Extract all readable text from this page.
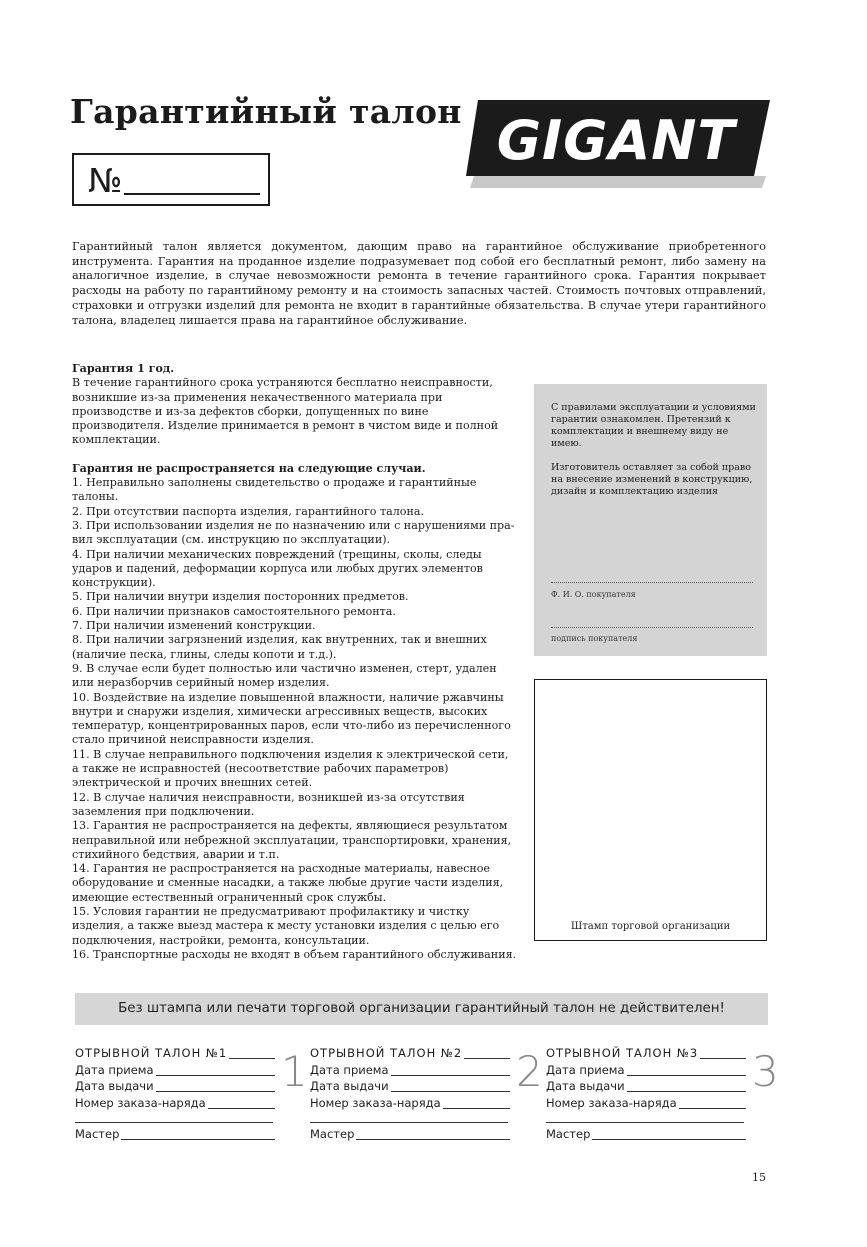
Гарантийный талон
№
GIGANT
Гарантийный талон является документом, дающим право на гарантийное обслуживание приобретенного инструмента. Гарантия на проданное изделие подразумевает под собой его бесплатный ремонт, либо замену на аналогичное изделие, в случае невозможности ремонта в течение гарантийного срока. Гарантия покрывает расходы на работу по гарантийному ремонту и на стоимость запасных частей. Стоимость почтовых отправлений, страховки и отгрузки изделий для ремонта не входит в гарантийные обязательства. В случае утери гарантийного талона, владелец лишается права на гарантийное обслуживание.

Гарантия 1 год.

В течение гарантийного срока устраняются бесплатно неисправности, возникшие из-за применения некачественного материала при производстве и из-за дефектов сборки, допущенных по вине производителя. Изделие принимается в ремонт в чистом виде и полной комплектации.

Гарантия не распространяется на следующие случаи.

1. Неправильно заполнены свидетельство о продаже и гарантийные талоны.

2. При отсутствии паспорта изделия, гарантийного талона.

3. При использовании изделия не по назначению или с нарушениями пра- вил эксплуатации (см. инструкцию по эксплуатации).

4. При наличии механических повреждений (трещины, сколы, следы ударов и падений, деформации корпуса или любых других элементов конструкции).

5. При наличии внутри изделия посторонних предметов.

6. При наличии признаков самостоятельного ремонта.

7. При наличии изменений конструкции.

8. При наличии загрязнений изделия, как внутренних, так и внешних (наличие песка, глины, следы копоти и т.д.).

9. В случае если будет полностью или частично изменен, стерт, удален или неразборчив серийный номер изделия.

10. Воздействие на изделие повышенной влажности, наличие ржавчины внутри и снаружи изделия, химически агрессивных веществ, высоких температур, концентрированных паров, если что-либо из перечисленного стало причиной неисправности изделия.

11. В случае неправильного подключения изделия к электрической сети, а также не исправностей (несоответствие рабочих параметров) электрической и прочих внешних сетей.

12. В случае наличия неисправности, возникшей из-за отсутствия заземления при подключении.

13. Гарантия не распространяется на дефекты, являющиеся результатом неправильной или небрежной эксплуатации, транспортировки, хранения, стихийного бедствия, аварии и т.п.

14. Гарантия не распространяется на расходные материалы, навесное оборудование и сменные насадки, а также любые другие части изделия, имеющие естественный ограниченный срок службы.

15. Условия гарантии не предусматривают профилактику и чистку изделия, а также выезд мастера к месту установки изделия с целью его подключения, настройки, ремонта, консультации.

16. Транспортные расходы не входят в объем гарантийного обслуживания.

С правилами эксплуатации и условиями гарантии ознакомлен. Претензий к комплектации и внешнему виду не имею.

Изготовитель оставляет за собой право на внесение изменений в конструкцию, дизайн и комплектацию изделия

Ф. И. О. покупателя
подпись покупателя
Штамп торговой организации
Без штампа или печати торговой организации гарантийный талон не действителен!
ОТРЫВНОЙ ТАЛОН №1
Дата приема
Дата выдачи
Номер заказа-наряда
Мастер
1 ОТРЫВНОЙ ТАЛОН №2
Дата приема
Дата выдачи
Номер заказа-наряда
Мастер
2 ОТРЫВНОЙ ТАЛОН №3
Дата приема
Дата выдачи
Номер заказа-наряда
Мастер
3
15
